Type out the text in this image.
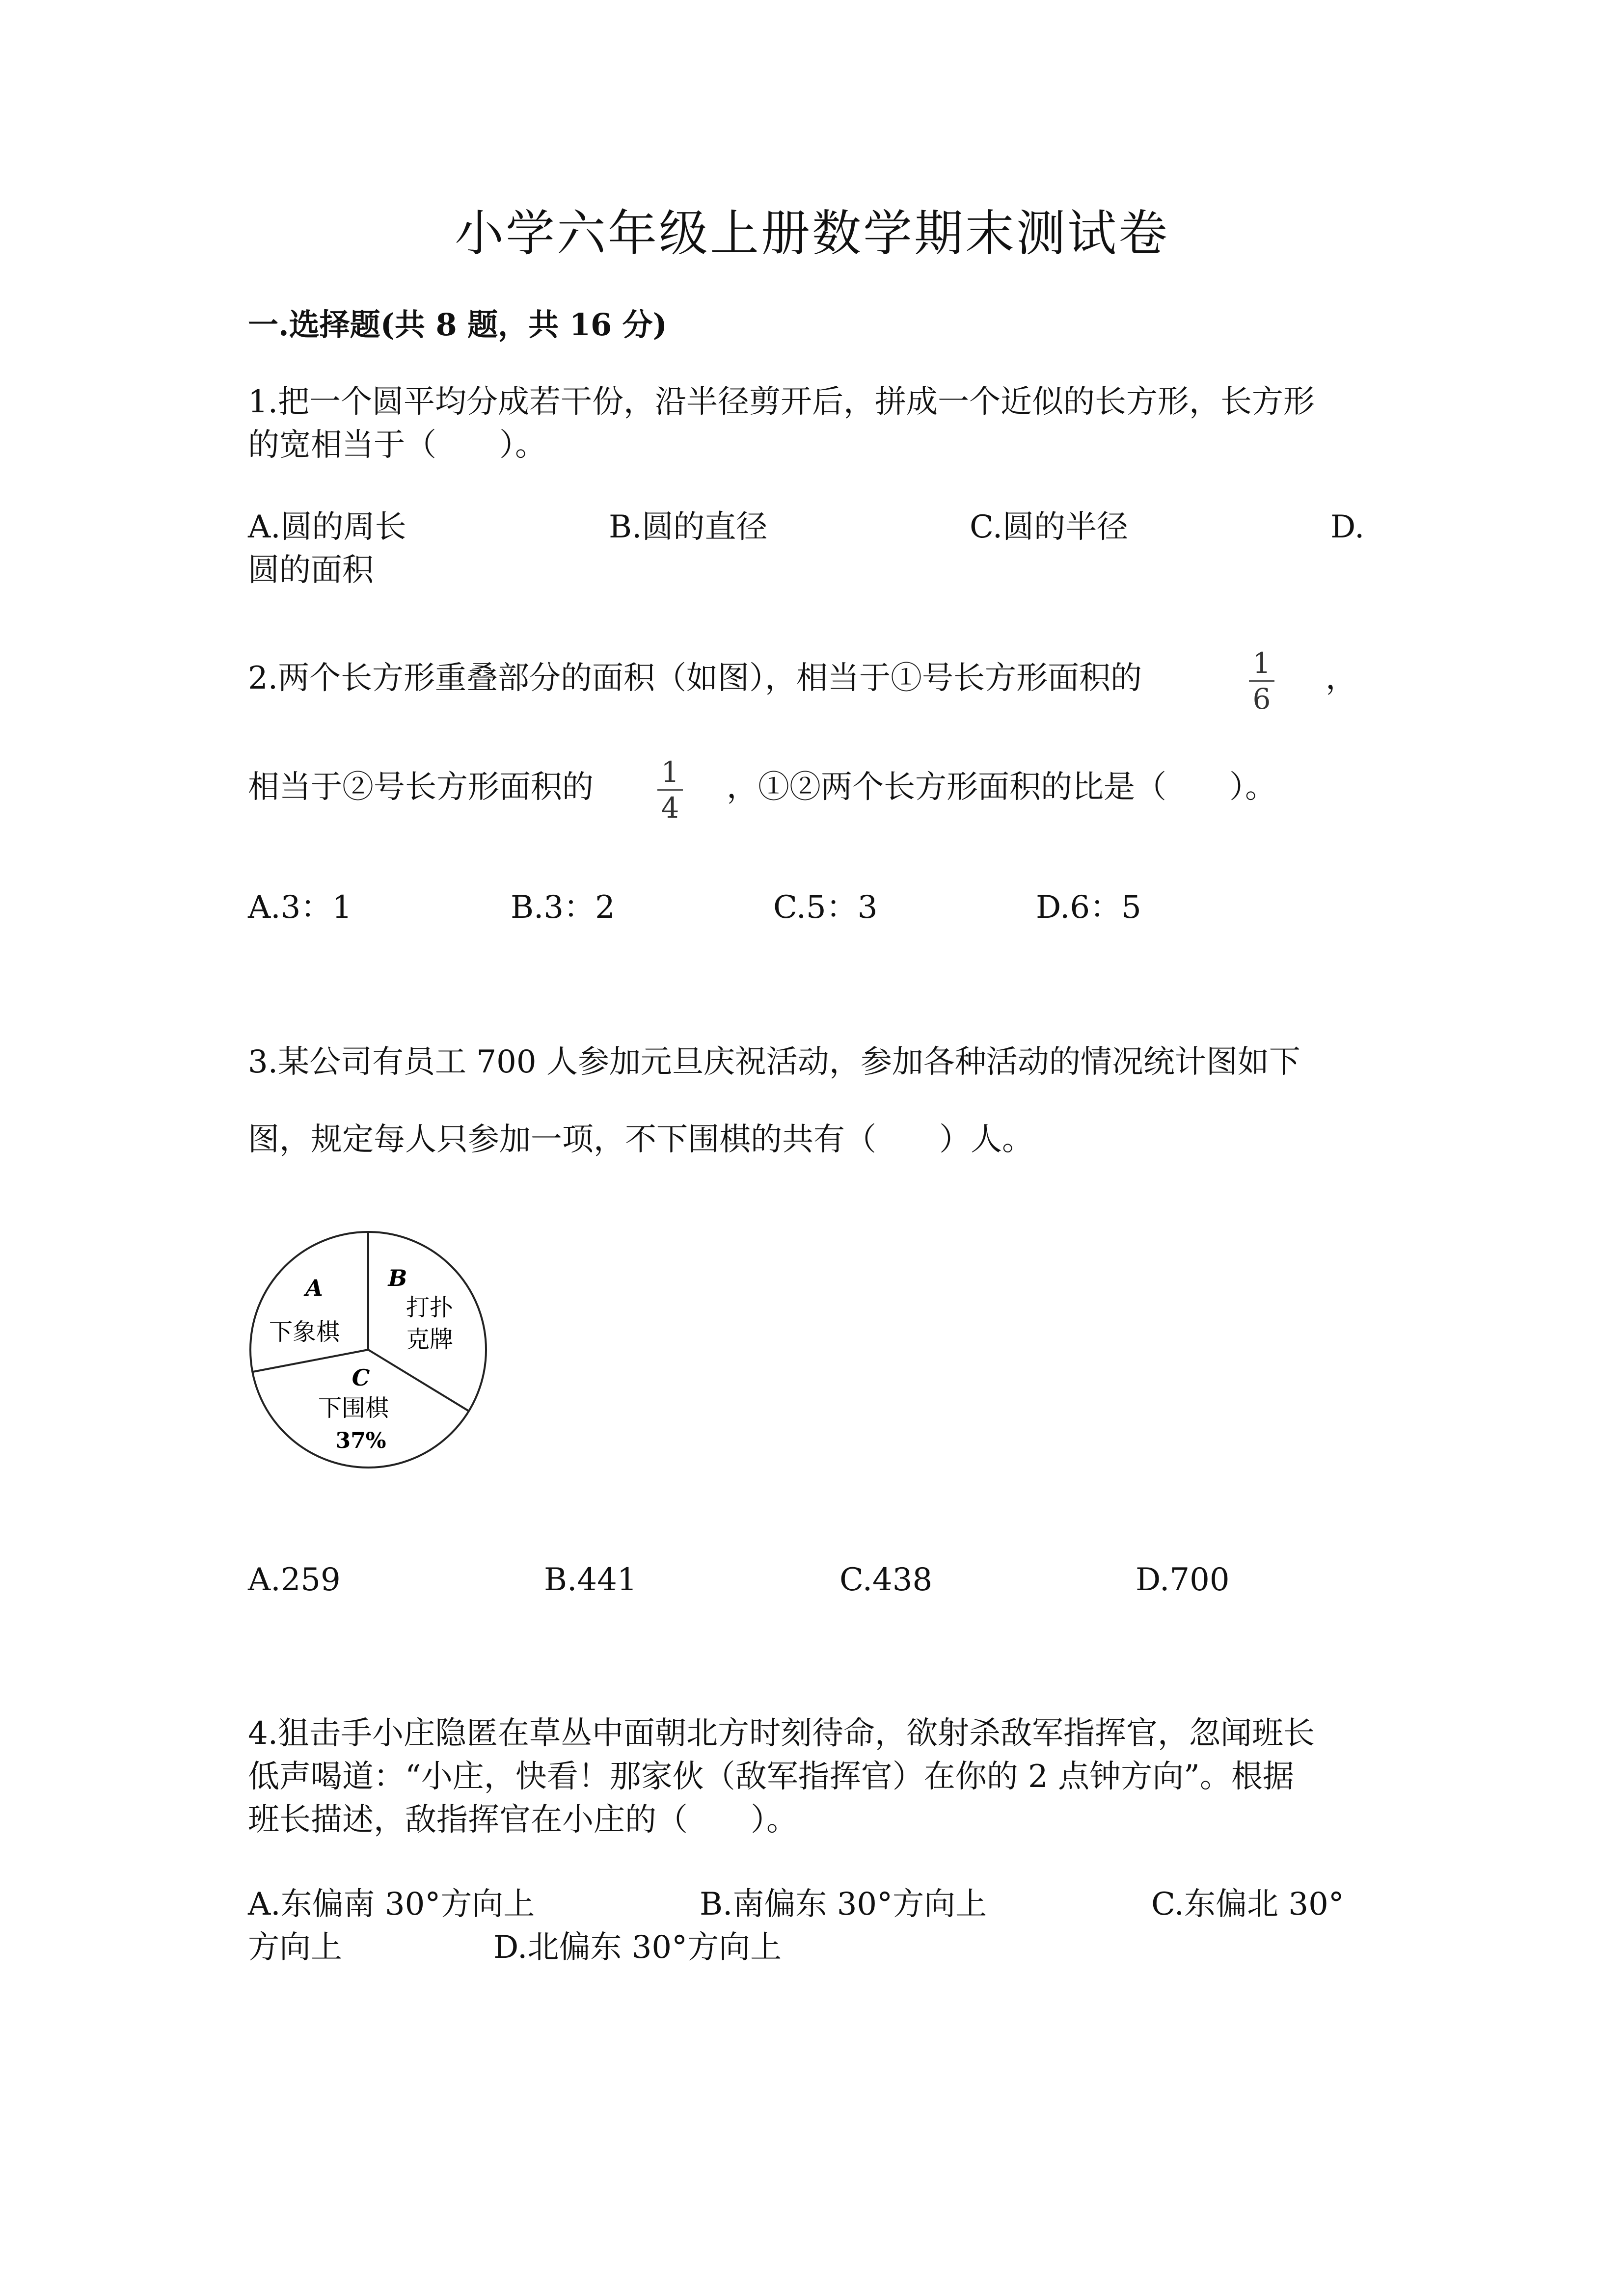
小学六年级上册数学期末测试卷
一.选择题(共 8 题，共 16 分)
1.把一个圆平均分成若干份，沿半径剪开后，拼成一个近似的长方形，长方形
的宽相当于（　　）。
A.圆的周长	B.圆的直径	C.圆的半径	D.
圆的面积
2.两个长方形重叠部分的面积（如图），相当于①号长方形面积的	1
6
，
相当于②号长方形面积的 1
4
，①②两个长方形面积的比是（　　）。
A.3：1	B.3：2	C.5：3	D.6：5
3.某公司有员工 700 人参加元旦庆祝活动，参加各种活动的情况统计图如下
图，规定每人只参加一项，不下围棋的共有（　　）人。
A
下象棋
B
打扑
克牌
C
下围棋
37%
A.259	B.441	C.438	D.700
4.狙击手小庄隐匿在草丛中面朝北方时刻待命，欲射杀敌军指挥官，忽闻班长
低声喝道：“小庄，快看！那家伙（敌军指挥官）在你的 2 点钟方向”。根据
班长描述，敌指挥官在小庄的（　　）。
A.东偏南 30°方向上	B.南偏东 30°方向上	C.东偏北 30°
方向上	D.北偏东 30°方向上
